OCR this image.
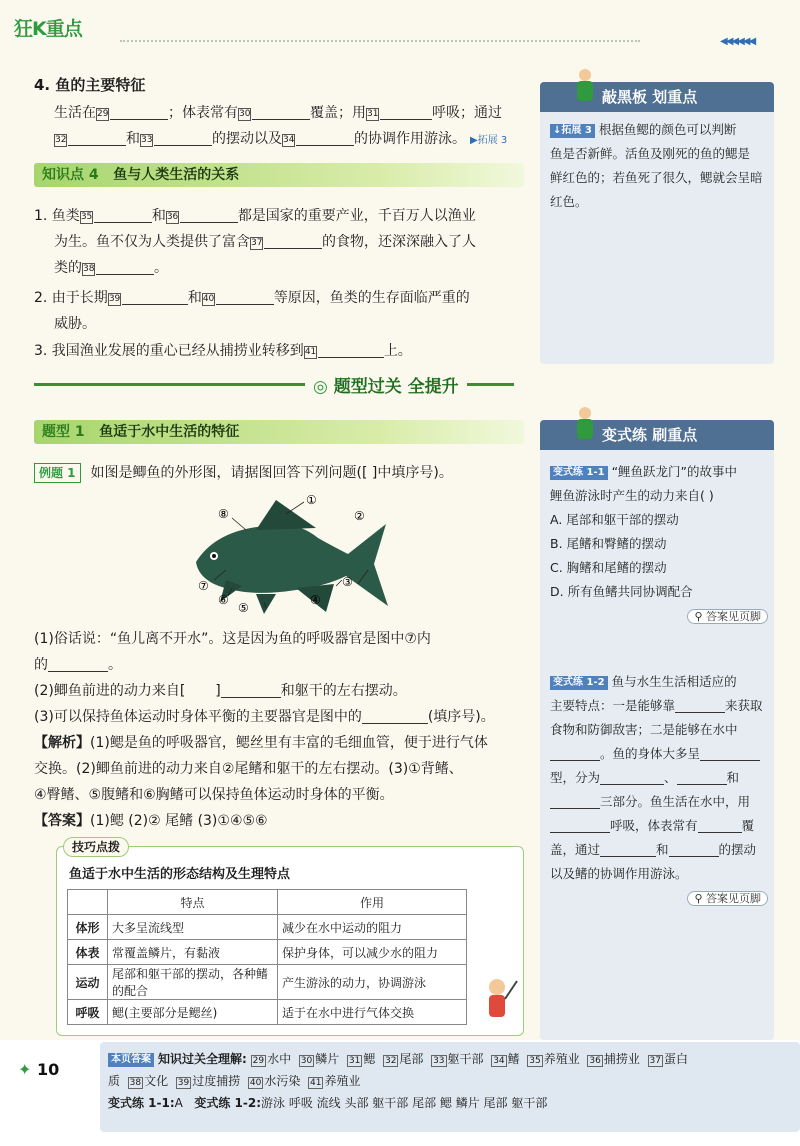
狂K重点
◀◀◀◀◀◀
4. 鱼的主要特征
生活在29	；体表常有30	覆盖；用31	呼吸；通过
32	和33	的摆动以及34	的协调作用游泳。 ▶拓展 3
知识点 4 鱼与人类生活的关系
1. 鱼类35	和36	都是国家的重要产业，千百万人以渔业
为生。鱼不仅为人类提供了富含37	的食物，还深深融入了人
类的38	。
2. 由于长期39	和40	等原因，鱼类的生存面临严重的
威胁。
3. 我国渔业发展的重心已经从捕捞业转移到41	上。
敲黑板 划重点
↓拓展 3 根据鱼鳃的颜色可以判断
鱼是否新鲜。活鱼及刚死的鱼的鳃是
鲜红色的；若鱼死了很久，鳃就会呈暗
红色。
◎ 题型过关 全提升
题型 1 鱼适于水中生活的特征
例题 1 如图是鲫鱼的外形图，请据图回答下列问题([ ]中填序号)。
①
②
③
④
⑤
⑥
⑦
⑧
(1)俗话说：“鱼儿离不开水”。这是因为鱼的呼吸器官是图中⑦内
的	。
(2)鲫鱼前进的动力来自[ ]	和躯干的左右摆动。
(3)可以保持鱼体运动时身体平衡的主要器官是图中的	(填序号)。
【解析】(1)鳃是鱼的呼吸器官，鳃丝里有丰富的毛细血管，便于进行气体
交换。(2)鲫鱼前进的动力来自②尾鳍和躯干的左右摆动。(3)①背鳍、
④臀鳍、⑤腹鳍和⑥胸鳍可以保持鱼体运动时身体的平衡。
【答案】(1)鳃 (2)② 尾鳍 (3)①④⑤⑥
技巧点拨
鱼适于水中生活的形态结构及生理特点
	特点	作用
体形	大多呈流线型	减少在水中运动的阻力
体表	常覆盖鳞片，有黏液	保护身体，可以减少水的阻力
运动	尾部和躯干部的摆动，各种鳍的配合	产生游泳的动力，协调游泳
呼吸	鳃(主要部分是鳃丝)	适于在水中进行气体交换
变式练 刷重点
变式练 1-1 “鲤鱼跃龙门”的故事中
鲤鱼游泳时产生的动力来自( )
A. 尾部和躯干部的摆动
B. 尾鳍和臀鳍的摆动
C. 胸鳍和尾鳍的摆动
D. 所有鱼鳍共同协调配合
⚲ 答案见页脚
变式练 1-2 鱼与水生生活相适应的
主要特点：一是能够靠	来获取
食物和防御敌害；二是能够在水中
。鱼的身体大多呈
型，分为	、	和
三部分。鱼生活在水中，用
呼吸，体表常有	覆
盖，通过	和	的摆动
以及鳍的协调作用游泳。
⚲ 答案见页脚
✦ 10
本页答案 知识过关全理解: 29 水中 30 鳞片 31 鳃 32 尾部 33 躯干部 34 鳍 35 养殖业 36 捕捞业 37 蛋白
质 38 文化 39 过度捕捞 40 水污染 41 养殖业
变式练 1-1:A 变式练 1-2:游泳 呼吸 流线 头部 躯干部 尾部 鳃 鳞片 尾部 躯干部
